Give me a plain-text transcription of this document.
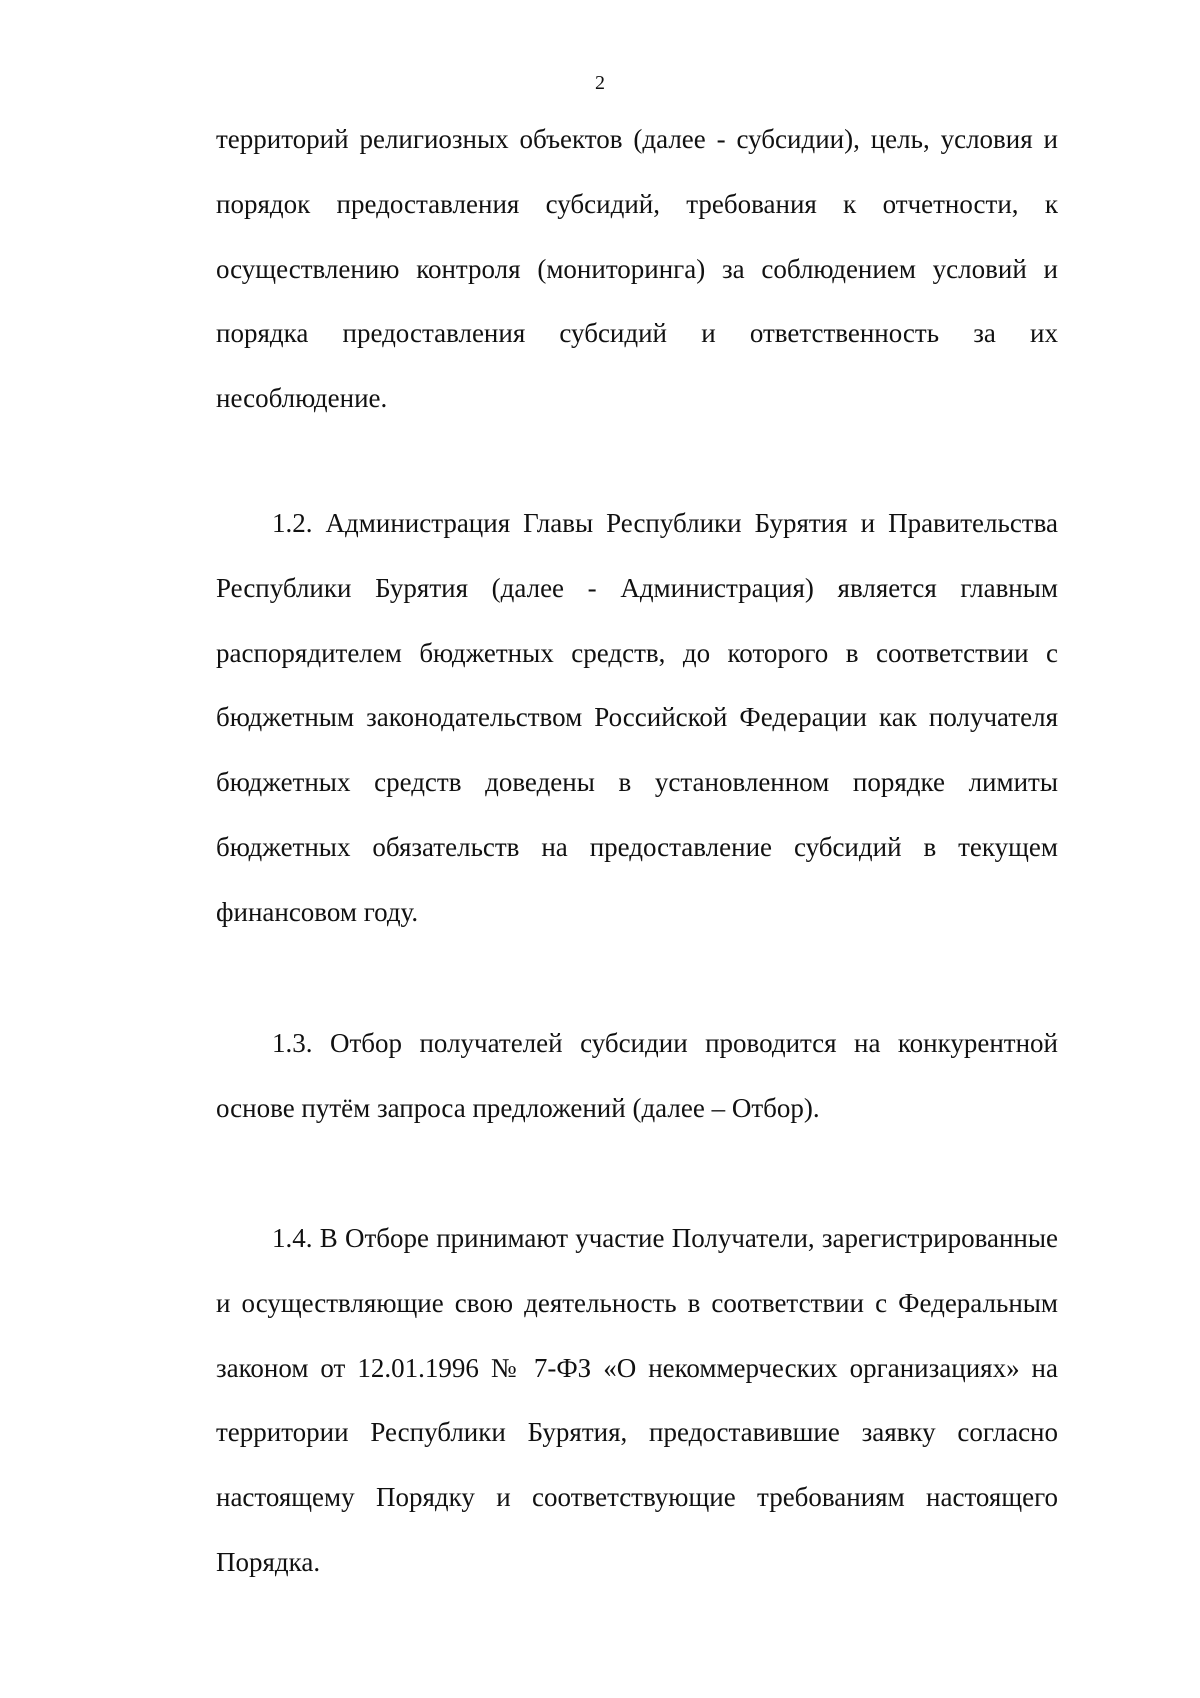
2

территорий религиозных объектов (далее - субсидии), цель, условия и порядок предоставления субсидий, требования к отчетности, к осуществлению контроля (мониторинга) за соблюдением условий и порядка предоставления субсидий и ответственность за их несоблюдение.

1.2. Администрация Главы Республики Бурятия и Правительства Республики Бурятия (далее - Администрация) является главным распорядителем бюджетных средств, до которого в соответствии с бюджетным законодательством Российской Федерации как получателя бюджетных средств доведены в установленном порядке лимиты бюджетных обязательств на предоставление субсидий в текущем финансовом году.

1.3. Отбор получателей субсидии проводится на конкурентной основе путём запроса предложений (далее – Отбор).

1.4. В Отборе принимают участие Получатели, зарегистрированные и осуществляющие свою деятельность в соответствии с Федеральным законом от 12.01.1996 № 7-ФЗ «О некоммерческих организациях» на территории Республики Бурятия, предоставившие заявку согласно настоящему Порядку и соответствующие требованиям настоящего Порядка.
